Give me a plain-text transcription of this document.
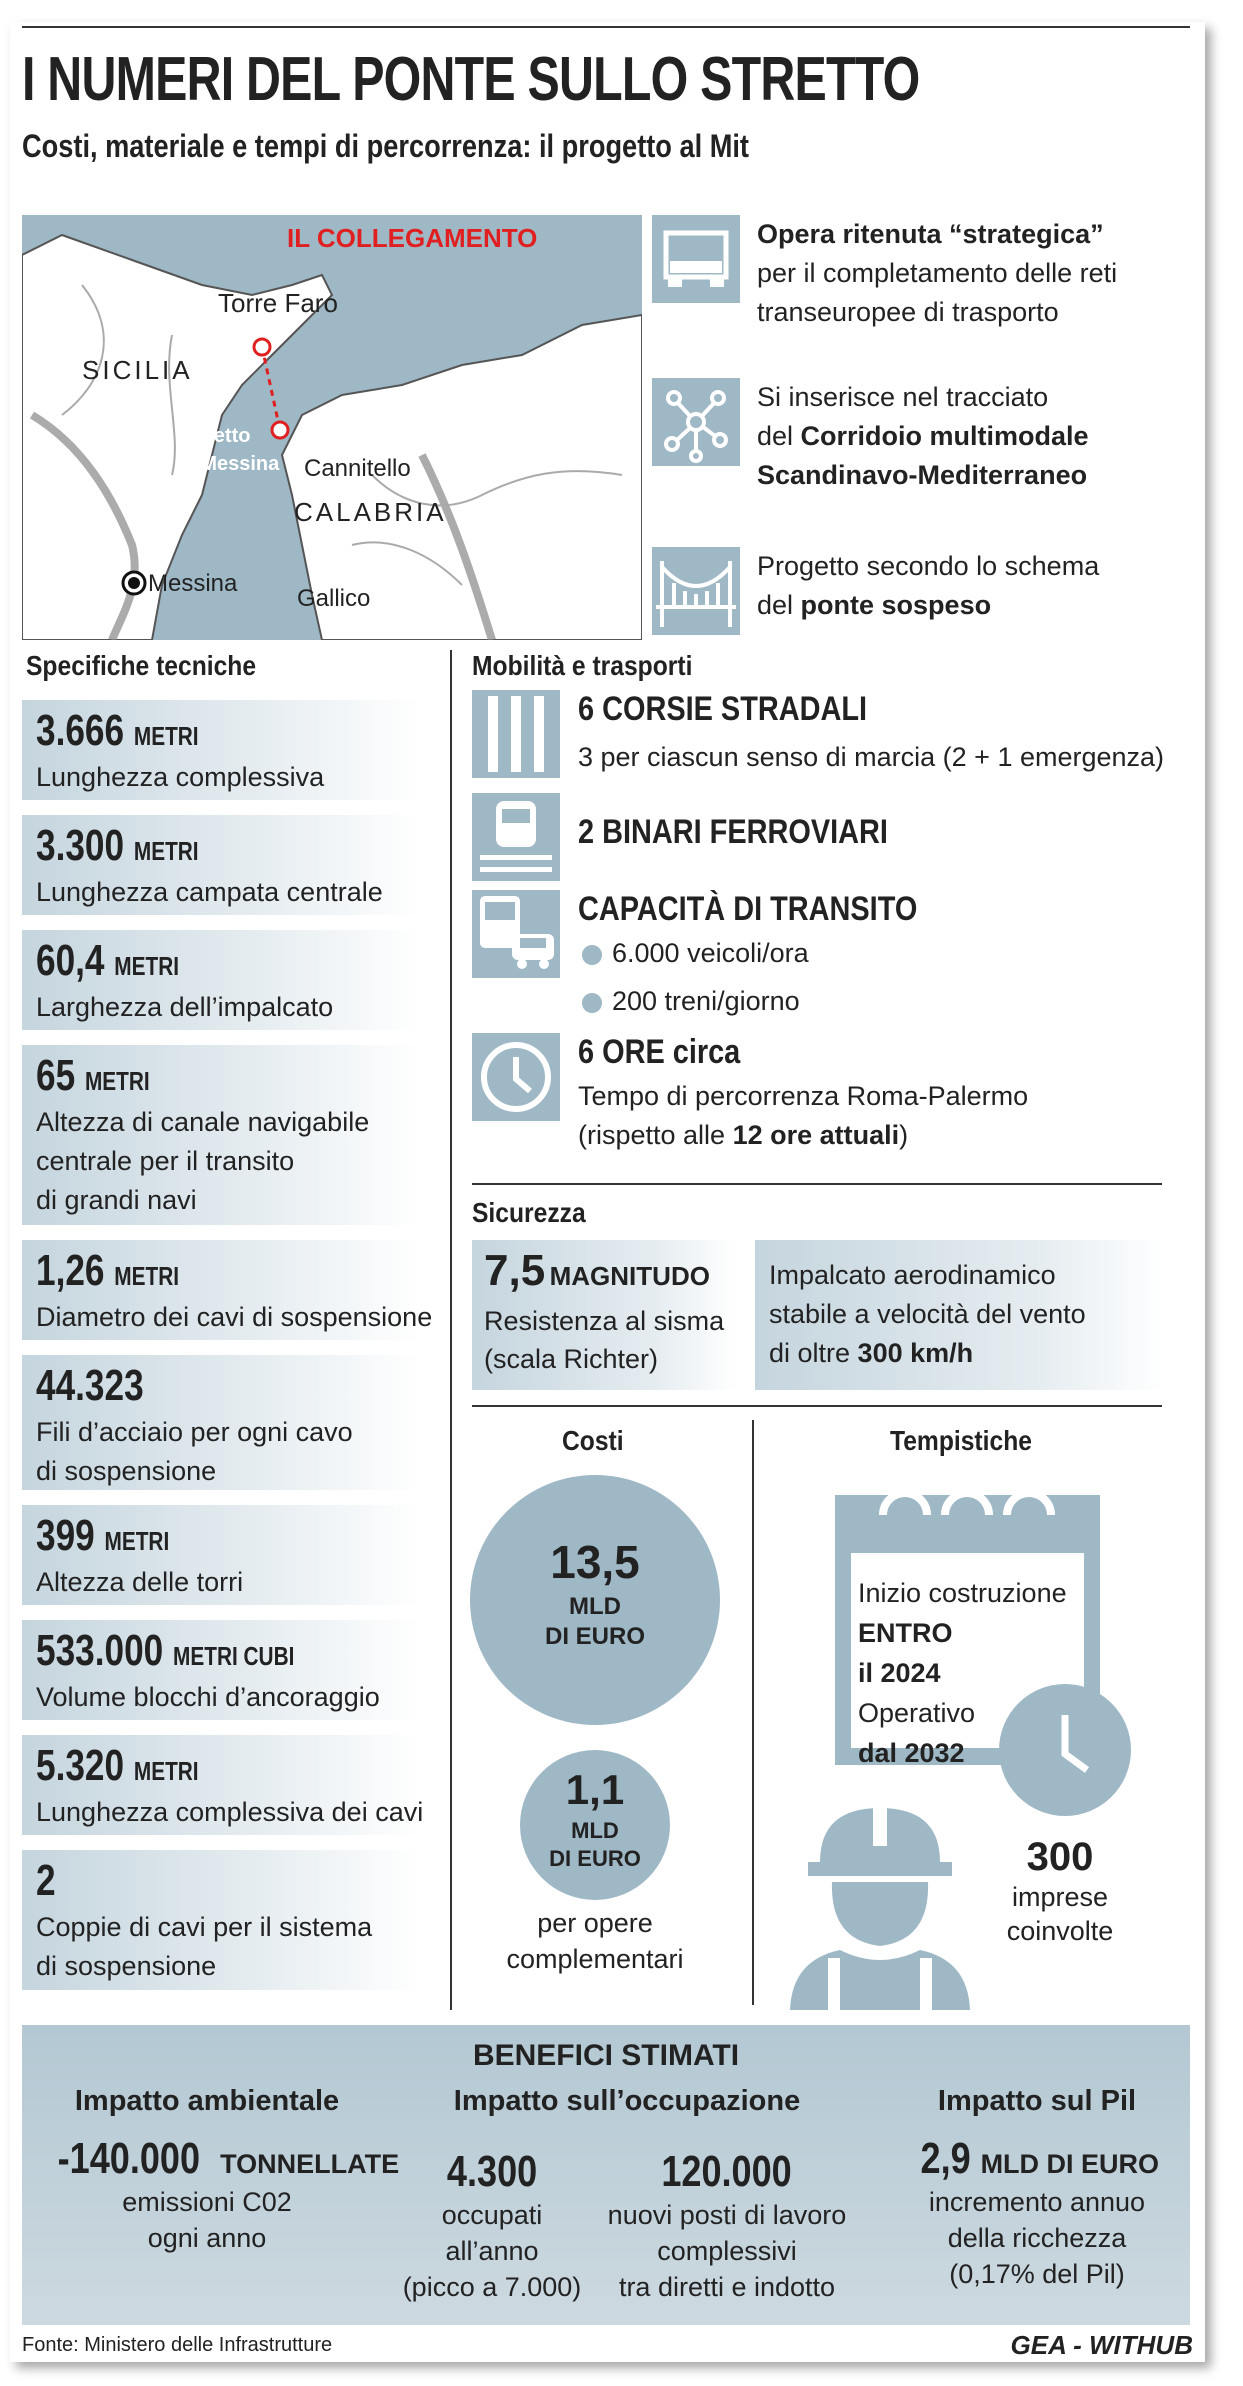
I NUMERI DEL PONTE SULLO STRETTO
Costi, materiale e tempi di percorrenza: il progetto al Mit
IL COLLEGAMENTO
Torre Faro
SICILIA
Stretto
di Messina Cannitello
CALABRIA
Messina
Gallico
Opera ritenuta “strategica”
per il completamento delle reti
transeuropee di trasporto
Si inserisce nel tracciato
del Corridoio multimodale
Scandinavo-Mediterraneo
Progetto secondo lo schema
del ponte sospeso
Specifiche tecniche
3.666 METRI
Lunghezza complessiva
3.300 METRI
Lunghezza campata centrale
60,4 METRI
Larghezza dell’impalcato
65 METRI
Altezza di canale navigabile
centrale per il transito
di grandi navi
1,26 METRI
Diametro dei cavi di sospensione
44.323
Fili d’acciaio per ogni cavo
di sospensione
399 METRI
Altezza delle torri
533.000 METRI CUBI
Volume blocchi d’ancoraggio
5.320 METRI
Lunghezza complessiva dei cavi
2
Coppie di cavi per il sistema
di sospensione
Mobilità e trasporti
6 CORSIE STRADALI
3 per ciascun senso di marcia (2 + 1 emergenza)
2 BINARI FERROVIARI
CAPACITÀ DI TRANSITO
6.000 veicoli/ora
200 treni/giorno
6 ORE circa
Tempo di percorrenza Roma-Palermo
(rispetto alle 12 ore attuali)
Sicurezza
7,5 MAGNITUDO
Resistenza al sisma
(scala Richter)
Impalcato aerodinamico
stabile a velocità del vento
di oltre 300 km/h
Costi
13,5
MLD
DI EURO
1,1
MLD
DI EURO
per opere
complementari
Tempistiche
Inizio costruzione
ENTRO
il 2024
Operativo
dal 2032
300
imprese
coinvolte
BENEFICI STIMATI
Impatto ambientale
-140.000 TONNELLATE
emissioni C02
ogni anno
Impatto sull’occupazione
4.300
occupati
all’anno
(picco a 7.000)
120.000
nuovi posti di lavoro
complessivi
tra diretti e indotto
Impatto sul Pil
2,9 MLD DI EURO
incremento annuo
della ricchezza
(0,17% del Pil)
Fonte: Ministero delle Infrastrutture	GEA - WITHUB
